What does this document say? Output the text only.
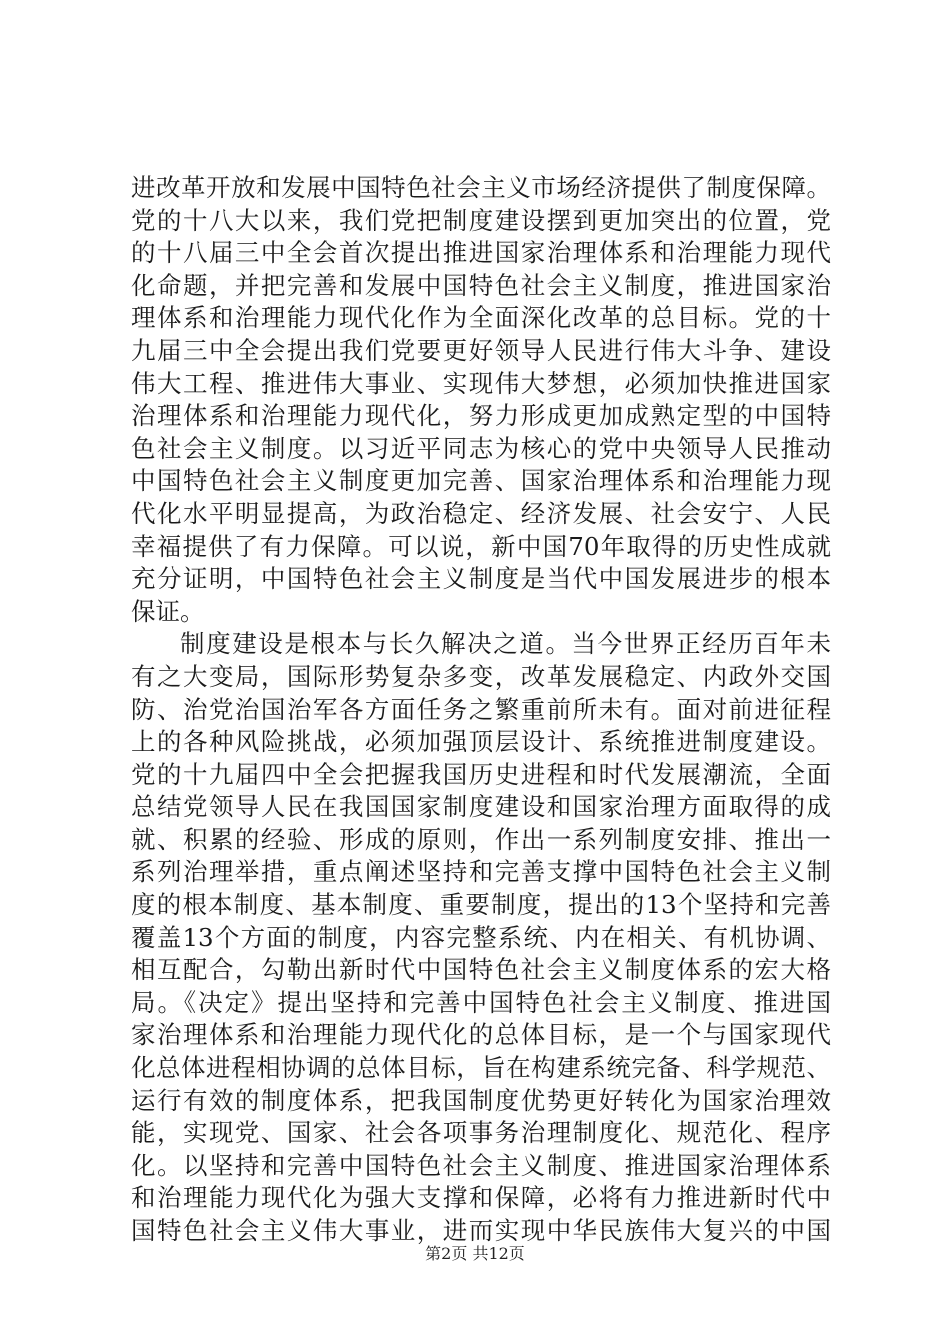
进改革开放和发展中国特色社会主义市场经济提供了制度保障。
党的十八大以来，我们党把制度建设摆到更加突出的位置，党
的十八届三中全会首次提出推进国家治理体系和治理能力现代
化命题，并把完善和发展中国特色社会主义制度，推进国家治
理体系和治理能力现代化作为全面深化改革的总目标。党的十
九届三中全会提出我们党要更好领导人民进行伟大斗争、建设
伟大工程、推进伟大事业、实现伟大梦想，必须加快推进国家
治理体系和治理能力现代化，努力形成更加成熟定型的中国特
色社会主义制度。以习近平同志为核心的党中央领导人民推动
中国特色社会主义制度更加完善、国家治理体系和治理能力现
代化水平明显提高，为政治稳定、经济发展、社会安宁、人民
幸福提供了有力保障。可以说，新中国70年取得的历史性成就
充分证明，中国特色社会主义制度是当代中国发展进步的根本
保证。
制度建设是根本与长久解决之道。当今世界正经历百年未
有之大变局，国际形势复杂多变，改革发展稳定、内政外交国
防、治党治国治军各方面任务之繁重前所未有。面对前进征程
上的各种风险挑战，必须加强顶层设计、系统推进制度建设。
党的十九届四中全会把握我国历史进程和时代发展潮流，全面
总结党领导人民在我国国家制度建设和国家治理方面取得的成
就、积累的经验、形成的原则，作出一系列制度安排、推出一
系列治理举措，重点阐述坚持和完善支撑中国特色社会主义制
度的根本制度、基本制度、重要制度，提出的13个坚持和完善
覆盖13个方面的制度，内容完整系统、内在相关、有机协调、
相互配合，勾勒出新时代中国特色社会主义制度体系的宏大格
局。《决定》提出坚持和完善中国特色社会主义制度、推进国
家治理体系和治理能力现代化的总体目标，是一个与国家现代
化总体进程相协调的总体目标，旨在构建系统完备、科学规范、
运行有效的制度体系，把我国制度优势更好转化为国家治理效
能，实现党、国家、社会各项事务治理制度化、规范化、程序
化。以坚持和完善中国特色社会主义制度、推进国家治理体系
和治理能力现代化为强大支撑和保障，必将有力推进新时代中
国特色社会主义伟大事业，进而实现中华民族伟大复兴的中国
第2页 共12页
